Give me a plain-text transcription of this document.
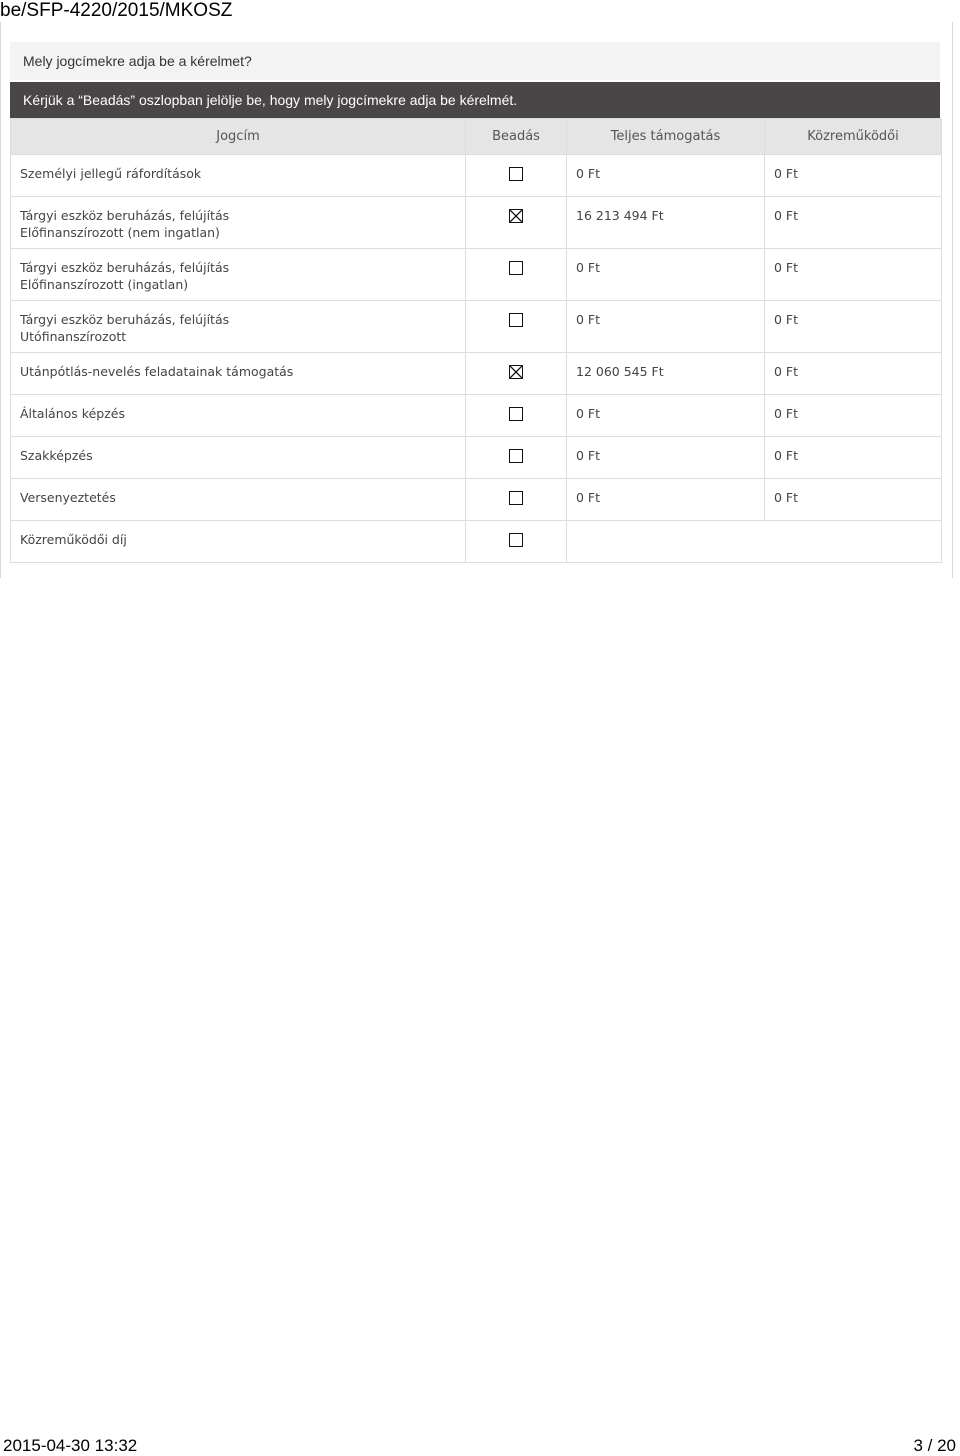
be/SFP-4220/2015/MKOSZ
Mely jogcímekre adja be a kérelmet?
Kérjük a “Beadás” oszlopban jelölje be, hogy mely jogcímekre adja be kérelmét.
Jogcím	Beadás	Teljes támogatás	Közreműködői

Személyi jellegű ráfordítások		0 Ft	0 Ft

Tárgyi eszköz beruházás, felújítás
Előfinanszírozott (nem ingatlan)		16 213 494 Ft	0 Ft

Tárgyi eszköz beruházás, felújítás
Előfinanszírozott (ingatlan)		0 Ft	0 Ft

Tárgyi eszköz beruházás, felújítás
Utófinanszírozott		0 Ft	0 Ft

Utánpótlás-nevelés feladatainak támogatás		12 060 545 Ft	0 Ft

Általános képzés		0 Ft	0 Ft

Szakképzés		0 Ft	0 Ft

Versenyeztetés		0 Ft	0 Ft

Közreműködői díj			

2015-04-30 13:32	3 / 20
